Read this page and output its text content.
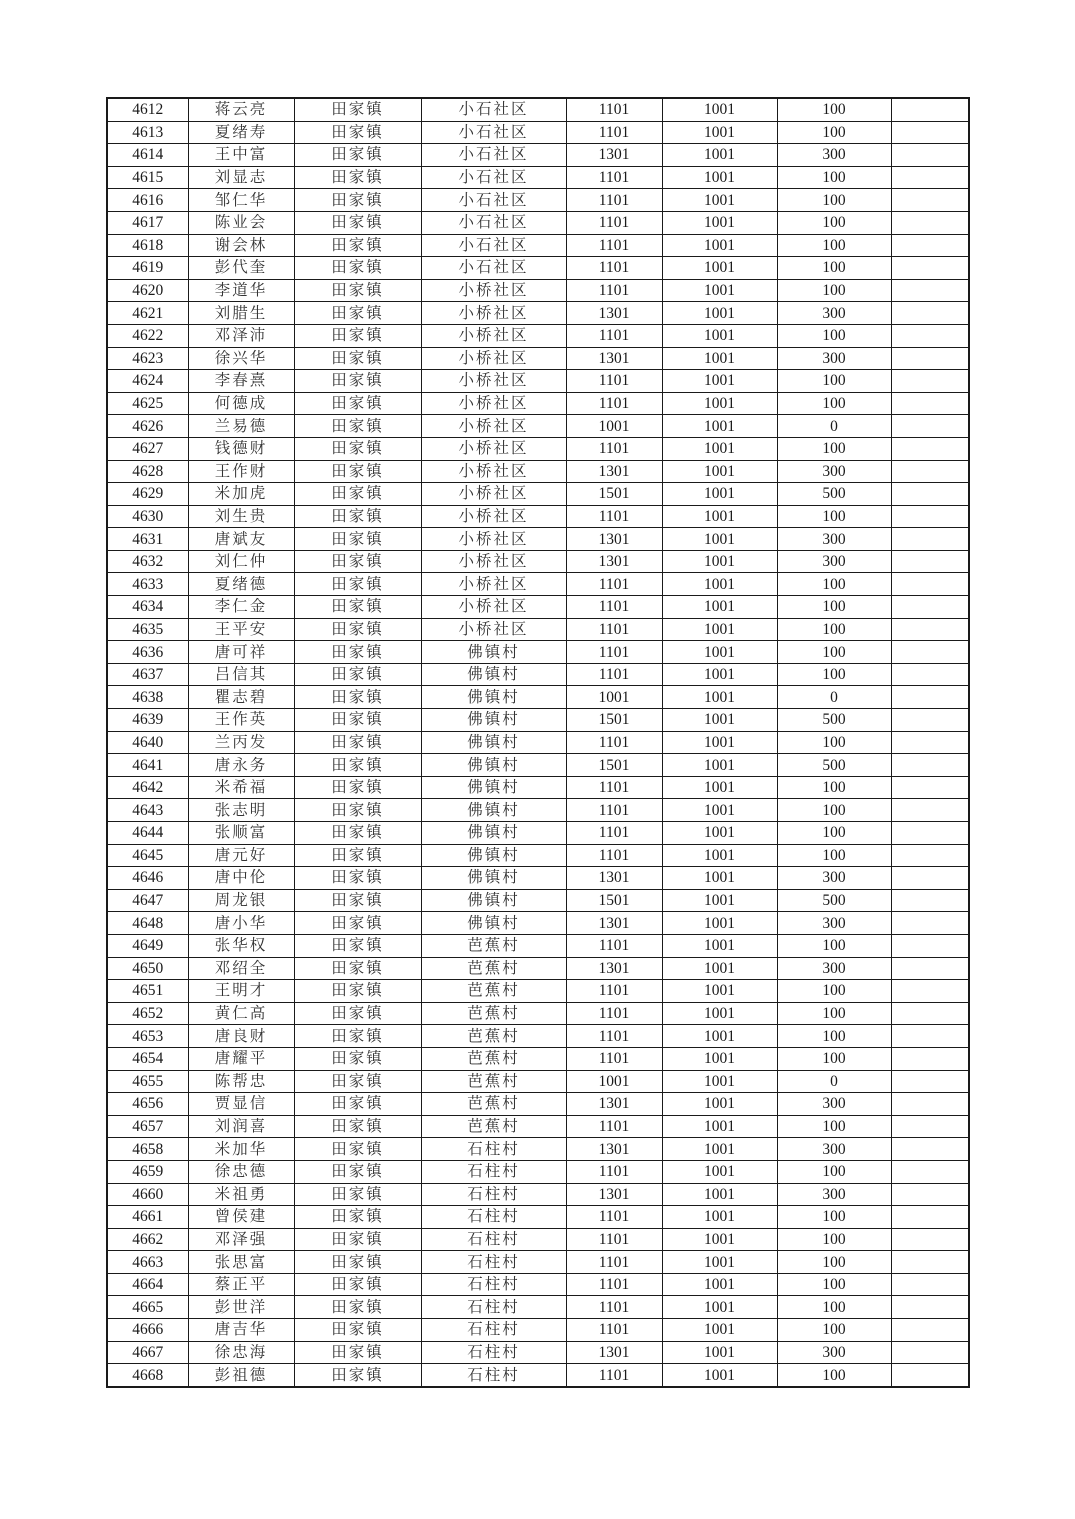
4612	蒋云亮	田家镇	小石社区	1101	1001	100	
4613	夏绪寿	田家镇	小石社区	1101	1001	100	
4614	王中富	田家镇	小石社区	1301	1001	300	
4615	刘显志	田家镇	小石社区	1101	1001	100	
4616	邹仁华	田家镇	小石社区	1101	1001	100	
4617	陈业会	田家镇	小石社区	1101	1001	100	
4618	谢会林	田家镇	小石社区	1101	1001	100	
4619	彭代奎	田家镇	小石社区	1101	1001	100	
4620	李道华	田家镇	小桥社区	1101	1001	100	
4621	刘腊生	田家镇	小桥社区	1301	1001	300	
4622	邓泽沛	田家镇	小桥社区	1101	1001	100	
4623	徐兴华	田家镇	小桥社区	1301	1001	300	
4624	李春熹	田家镇	小桥社区	1101	1001	100	
4625	何德成	田家镇	小桥社区	1101	1001	100	
4626	兰易德	田家镇	小桥社区	1001	1001	0	
4627	钱德财	田家镇	小桥社区	1101	1001	100	
4628	王作财	田家镇	小桥社区	1301	1001	300	
4629	米加虎	田家镇	小桥社区	1501	1001	500	
4630	刘生贵	田家镇	小桥社区	1101	1001	100	
4631	唐斌友	田家镇	小桥社区	1301	1001	300	
4632	刘仁仲	田家镇	小桥社区	1301	1001	300	
4633	夏绪德	田家镇	小桥社区	1101	1001	100	
4634	李仁金	田家镇	小桥社区	1101	1001	100	
4635	王平安	田家镇	小桥社区	1101	1001	100	
4636	唐可祥	田家镇	佛镇村	1101	1001	100	
4637	吕信其	田家镇	佛镇村	1101	1001	100	
4638	瞿志碧	田家镇	佛镇村	1001	1001	0	
4639	王作英	田家镇	佛镇村	1501	1001	500	
4640	兰丙发	田家镇	佛镇村	1101	1001	100	
4641	唐永务	田家镇	佛镇村	1501	1001	500	
4642	米希福	田家镇	佛镇村	1101	1001	100	
4643	张志明	田家镇	佛镇村	1101	1001	100	
4644	张顺富	田家镇	佛镇村	1101	1001	100	
4645	唐元好	田家镇	佛镇村	1101	1001	100	
4646	唐中伦	田家镇	佛镇村	1301	1001	300	
4647	周龙银	田家镇	佛镇村	1501	1001	500	
4648	唐小华	田家镇	佛镇村	1301	1001	300	
4649	张华权	田家镇	芭蕉村	1101	1001	100	
4650	邓绍全	田家镇	芭蕉村	1301	1001	300	
4651	王明才	田家镇	芭蕉村	1101	1001	100	
4652	黄仁高	田家镇	芭蕉村	1101	1001	100	
4653	唐良财	田家镇	芭蕉村	1101	1001	100	
4654	唐耀平	田家镇	芭蕉村	1101	1001	100	
4655	陈帮忠	田家镇	芭蕉村	1001	1001	0	
4656	贾显信	田家镇	芭蕉村	1301	1001	300	
4657	刘润喜	田家镇	芭蕉村	1101	1001	100	
4658	米加华	田家镇	石柱村	1301	1001	300	
4659	徐忠德	田家镇	石柱村	1101	1001	100	
4660	米祖勇	田家镇	石柱村	1301	1001	300	
4661	曾侯建	田家镇	石柱村	1101	1001	100	
4662	邓泽强	田家镇	石柱村	1101	1001	100	
4663	张思富	田家镇	石柱村	1101	1001	100	
4664	蔡正平	田家镇	石柱村	1101	1001	100	
4665	彭世洋	田家镇	石柱村	1101	1001	100	
4666	唐吉华	田家镇	石柱村	1101	1001	100	
4667	徐忠海	田家镇	石柱村	1301	1001	300	
4668	彭祖德	田家镇	石柱村	1101	1001	100	
